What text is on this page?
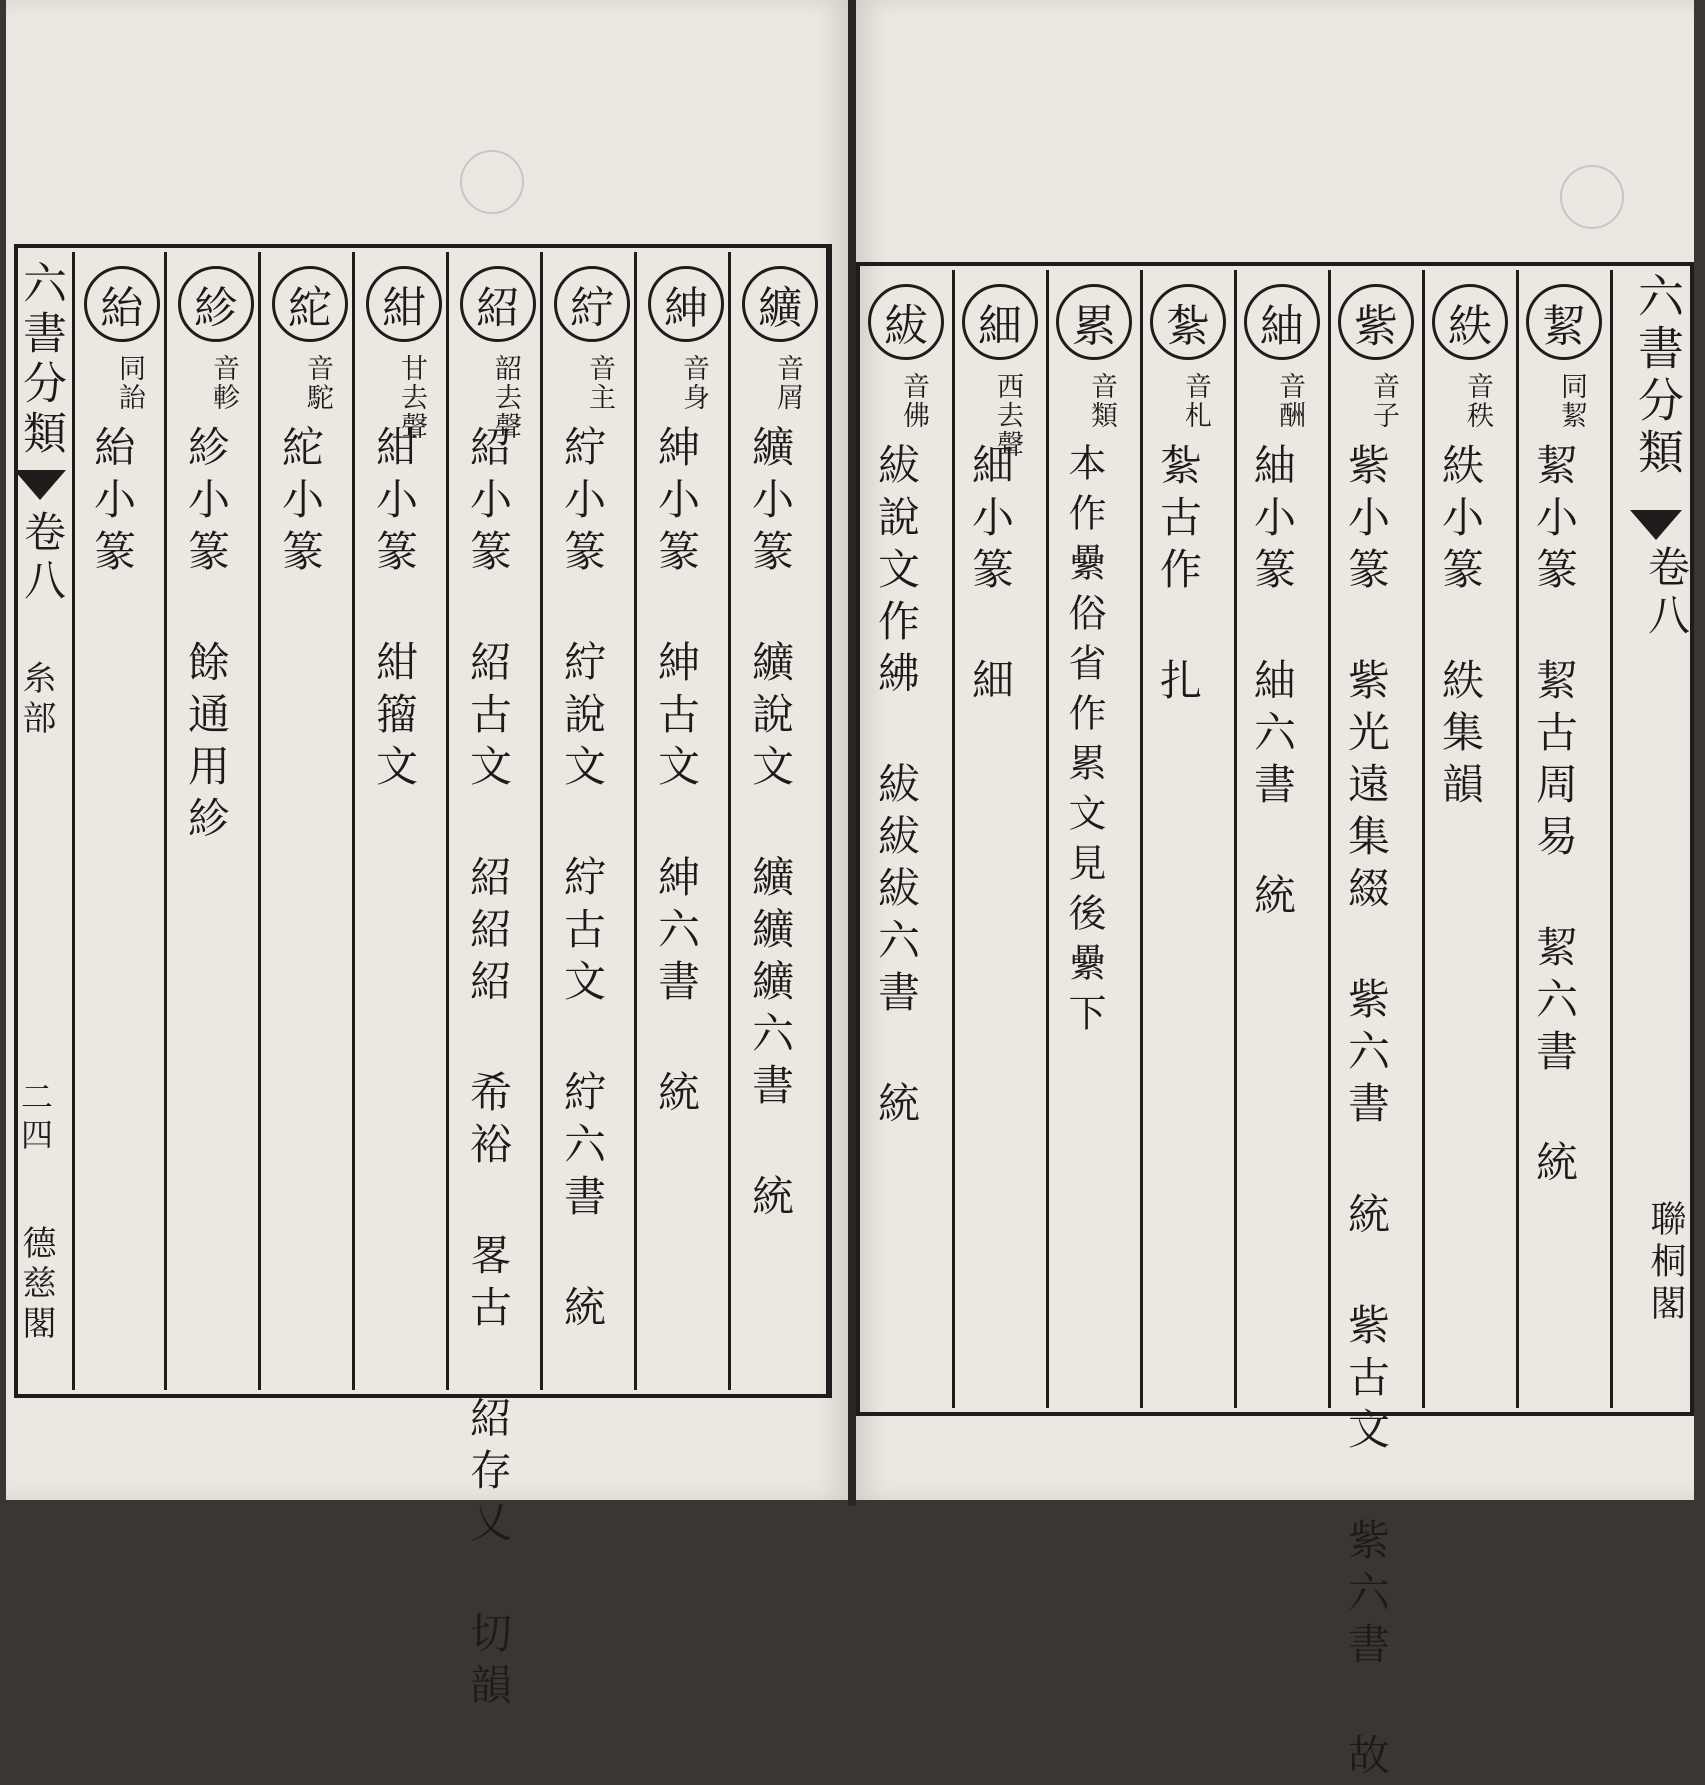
六書分類
卷八
糸部
二四
德慈閣
六書分類
卷八
聯桐閣
纊
音屑
纊小篆 纊說文 纊纊纊六書 統
紳
音身
紳小篆 紳古文 紳六書 統
紵
音主
紵小篆 紵說文 紵古文 紵六書 統
紹
韶去聲
紹小篆 紹古文 紹紹紹 希裕 畧古 紹存乂 切韻
紺
甘去聲
紺小篆 紺籀文
紽
音駝
紽小篆
紾
音軫
紾小篆 餘通用紾
紿
同詒
紿小篆
絜
同絜
絜小篆 絜古周易 絜六書 統
紩
音秩
紩小篆 紩集韻
紫
音子
紫小篆 紫光遠集綴 紫六書 統 紫古文 紫六書 故
紬
音酬
紬小篆 紬六書 統
紮
音札
紮古作 扎
累
音類
本作纍俗省作累文見後纍下
細
西去聲
細小篆 細
紱
音佛
紱說文作紼 紱紱紱六書 統
